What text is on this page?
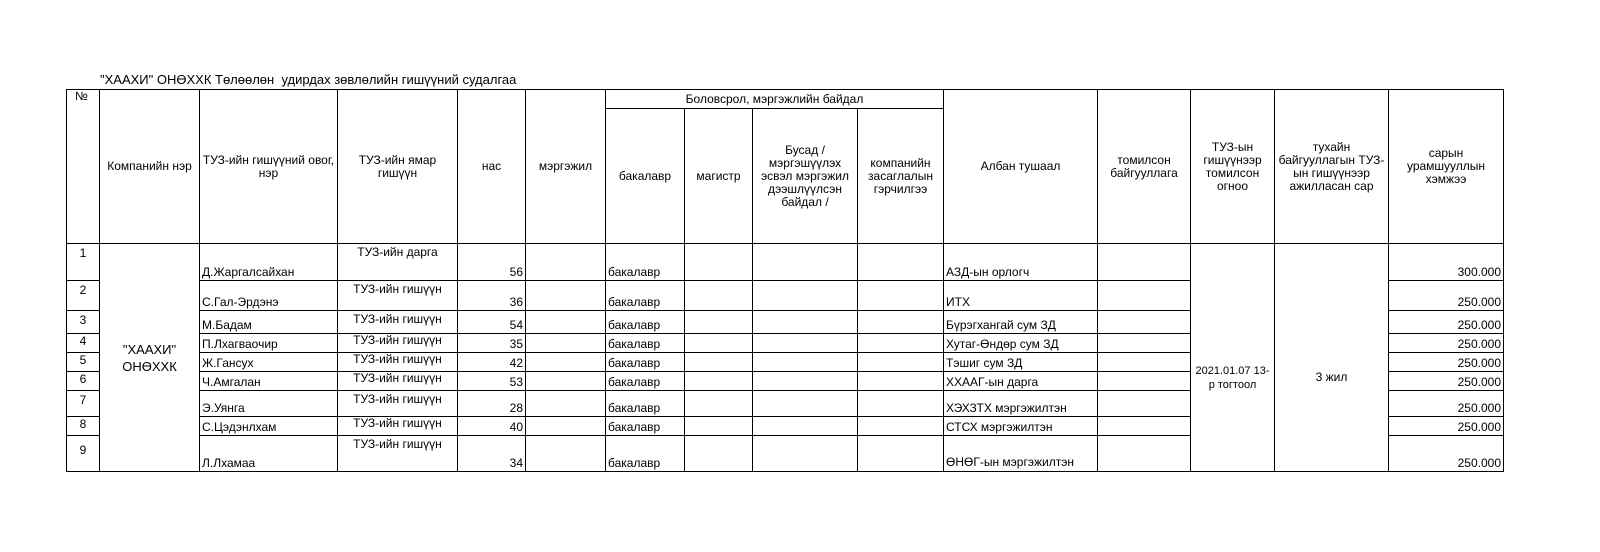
"ХААХИ" ОНӨХХК Төлөөлөн  удирдах зөвлөлийн гишүүний судалгаа
№	Компанийн нэр	ТУЗ-ийн гишүүний овог, нэр	ТУЗ-ийн ямар гишүүн	нас	мэргэжил	Боловсрол, мэргэжлийн байдал				Албан тушаал	томилсон байгууллага	ТУЗ-ын гишүүнээр томилсон огноо	тухайн байгууллагын ТУЗ-ын гишүүнээр ажилласан сар	сарын урамшууллын хэмжээ
						бакалавр	магистр	Бусад /мэргэшүүлэх эсвэл мэргэжил дээшлүүлсэн байдал /	компанийн засаглалын гэрчилгээ					
1	"ХААХИ" ОНӨХХК	Д.Жаргалсайхан	ТУЗ-ийн дарга	56		бакалавр				АЗД-ын орлогч		2021.01.07 13-р тогтоол	3 жил	300.000
2		С.Гал-Эрдэнэ	ТУЗ-ийн гишүүн	36		бакалавр				ИТХ				250.000
3		М.Бадам	ТУЗ-ийн гишүүн	54		бакалавр				Бүрэгхангай сум ЗД				250.000
4		П.Лхагваочир	ТУЗ-ийн гишүүн	35		бакалавр				Хутаг-Өндөр сум ЗД				250.000
5		Ж.Гансух	ТУЗ-ийн гишүүн	42		бакалавр				Тэшиг сум ЗД				250.000
6		Ч.Амгалан	ТУЗ-ийн гишүүн	53		бакалавр				ХХААГ-ын дарга				250.000
7		Э.Уянга	ТУЗ-ийн гишүүн	28		бакалавр				ХЭХЗТХ мэргэжилтэн				250.000
8		С.Цэдэнлхам	ТУЗ-ийн гишүүн	40		бакалавр				СТСХ мэргэжилтэн				250.000
9		Л.Лхамаа	ТУЗ-ийн гишүүн	34		бакалавр				ӨНӨГ-ын мэргэжилтэн				250.000
